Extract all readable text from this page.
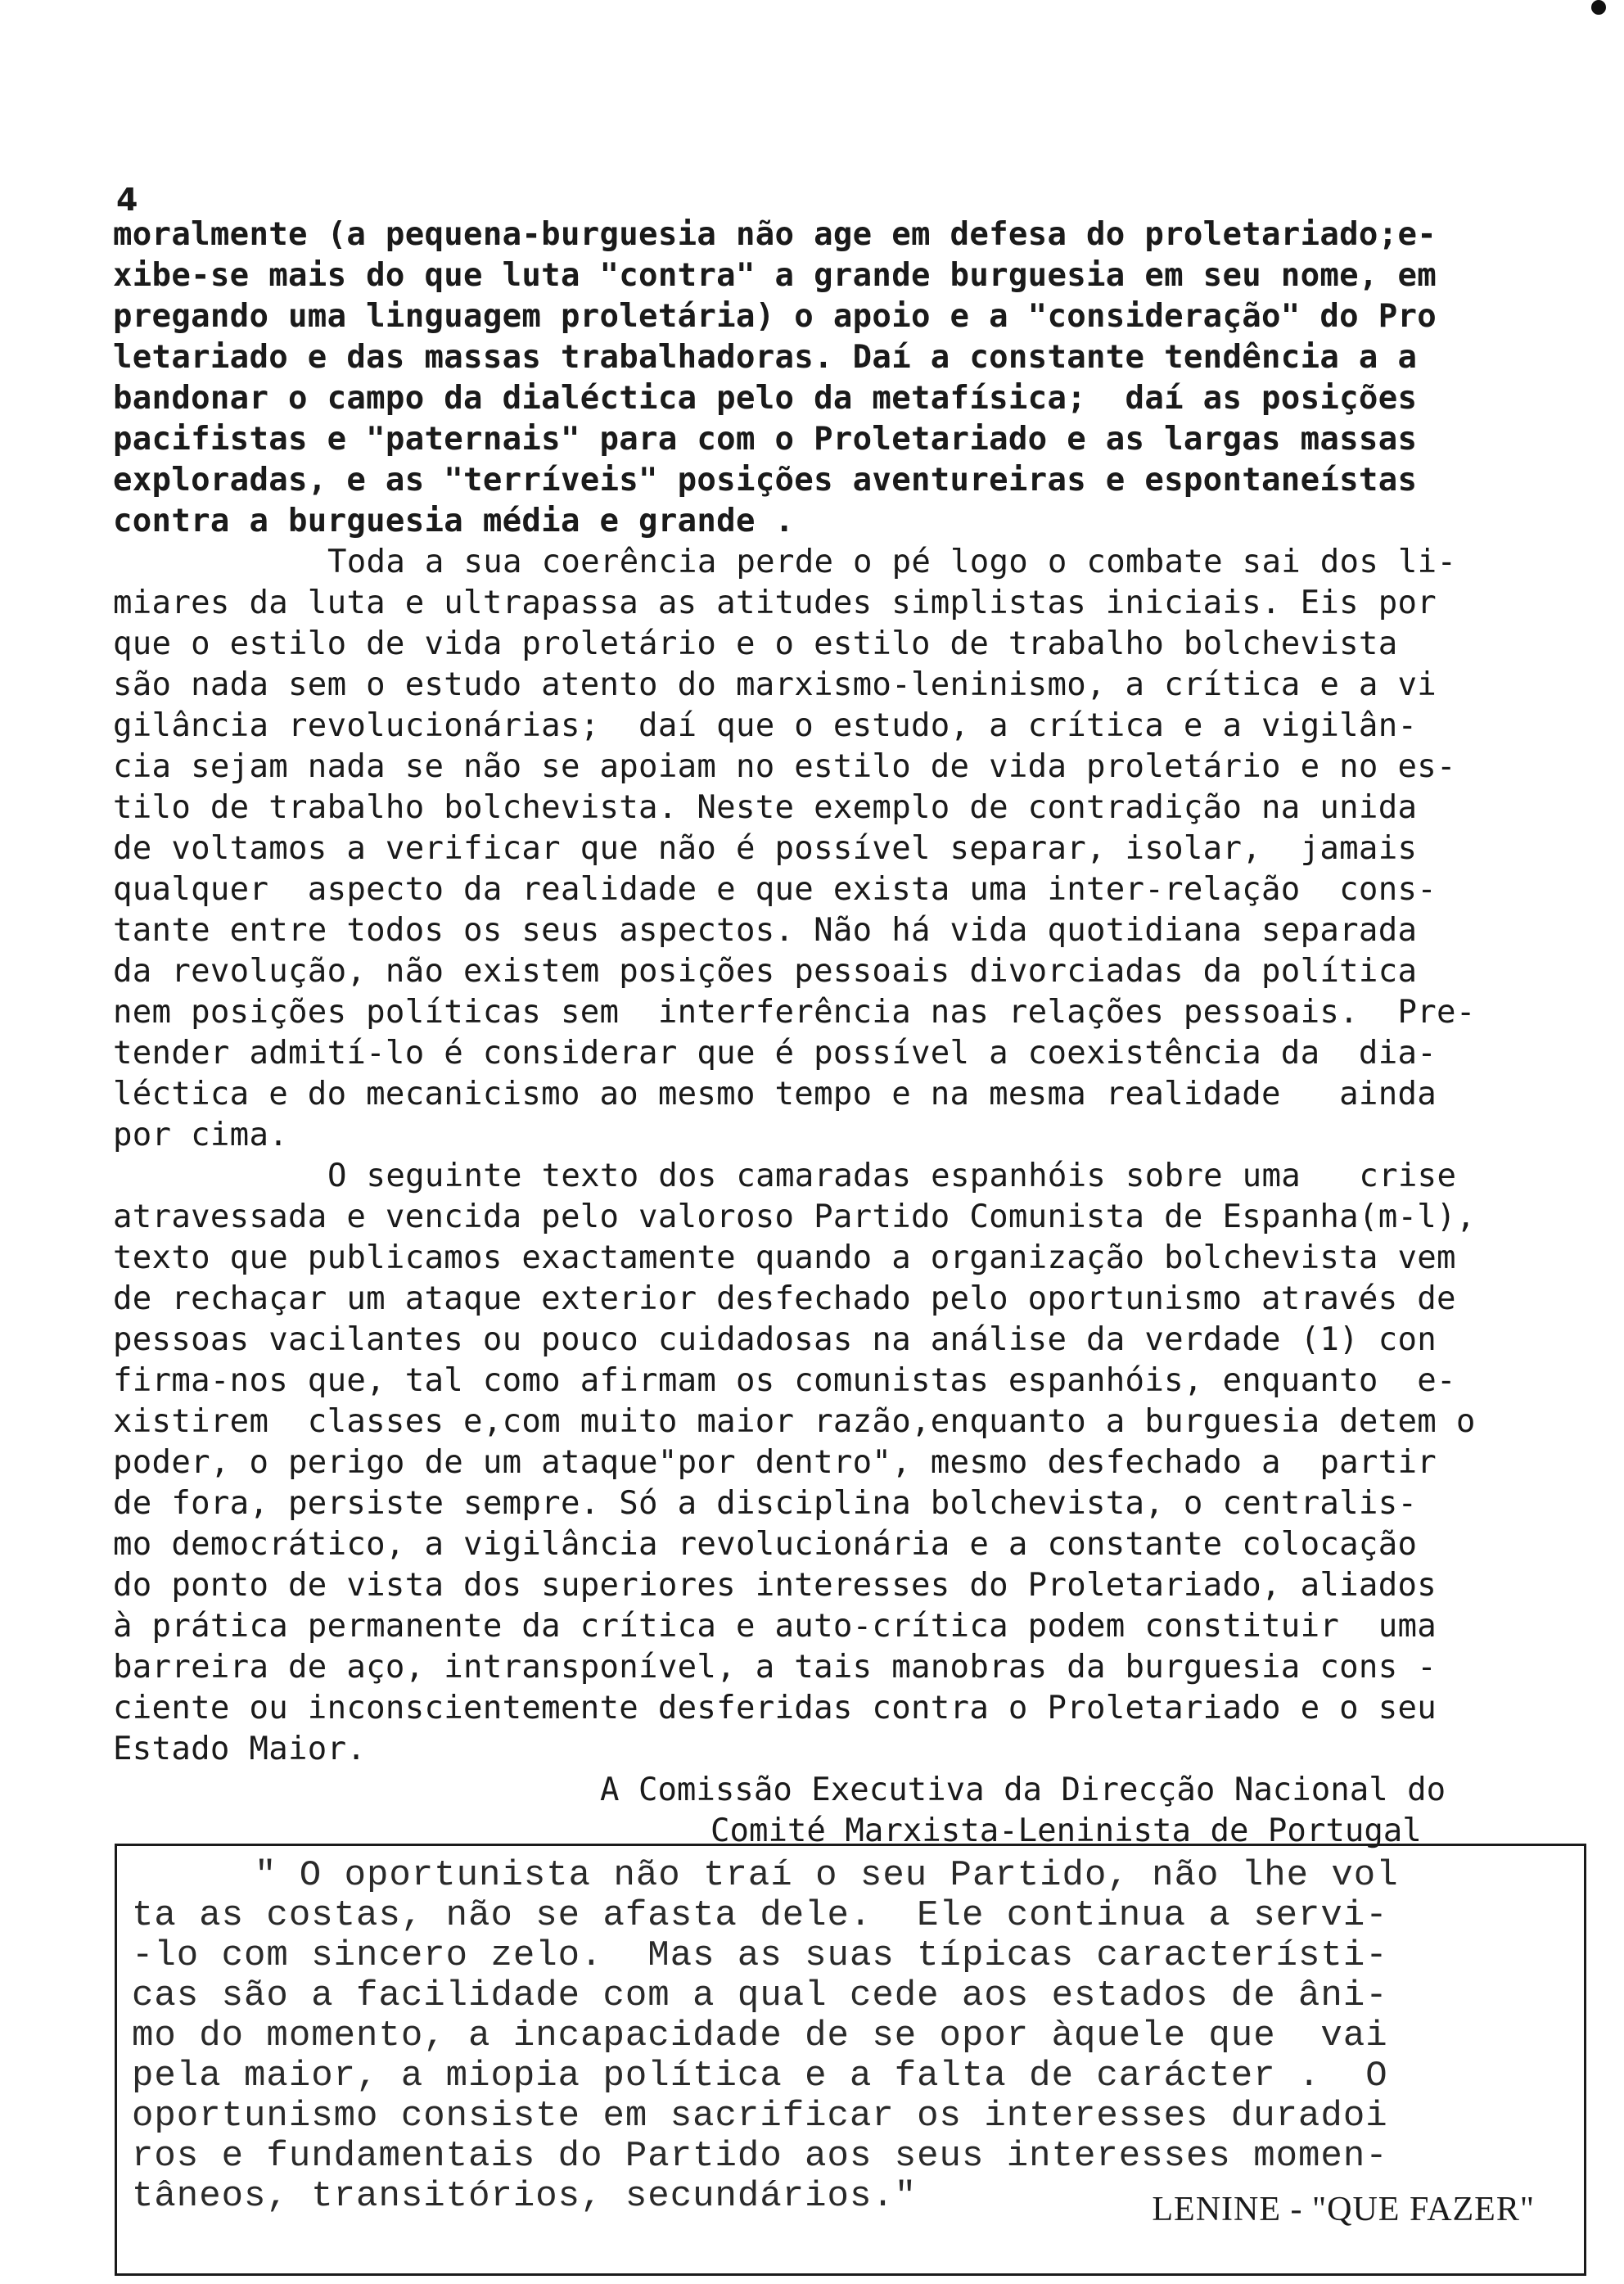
4
moralmente (a pequena-burguesia não age em defesa do proletariado;e-
xibe-se mais do que luta "contra" a grande burguesia em seu nome, em
pregando uma linguagem proletária) o apoio e a "consideração" do Pro
letariado e das massas trabalhadoras. Daí a constante tendência a a
bandonar o campo da dialéctica pelo da metafísica;  daí as posições
pacifistas e "paternais" para com o Proletariado e as largas massas
exploradas, e as "terríveis" posições aventureiras e espontaneístas
contra a burguesia média e grande .
Toda a sua coerência perde o pé logo o combate sai dos li-
miares da luta e ultrapassa as atitudes simplistas iniciais. Eis por
que o estilo de vida proletário e o estilo de trabalho bolchevista
são nada sem o estudo atento do marxismo-leninismo, a crítica e a vi
gilância revolucionárias;  daí que o estudo, a crítica e a vigilân-
cia sejam nada se não se apoiam no estilo de vida proletário e no es-
tilo de trabalho bolchevista. Neste exemplo de contradição na unida
de voltamos a verificar que não é possível separar, isolar,  jamais
qualquer  aspecto da realidade e que exista uma inter-relação  cons-
tante entre todos os seus aspectos. Não há vida quotidiana separada
da revolução, não existem posições pessoais divorciadas da política
nem posições políticas sem  interferência nas relações pessoais.  Pre-
tender admití-lo é considerar que é possível a coexistência da  dia-
léctica e do mecanicismo ao mesmo tempo e na mesma realidade   ainda
por cima.
O seguinte texto dos camaradas espanhóis sobre uma   crise
atravessada e vencida pelo valoroso Partido Comunista de Espanha(m-l),
texto que publicamos exactamente quando a organização bolchevista vem
de rechaçar um ataque exterior desfechado pelo oportunismo através de
pessoas vacilantes ou pouco cuidadosas na análise da verdade (1) con
firma-nos que, tal como afirmam os comunistas espanhóis, enquanto  e-
xistirem  classes e,com muito maior razão,enquanto a burguesia detem o
poder, o perigo de um ataque"por dentro", mesmo desfechado a  partir
de fora, persiste sempre. Só a disciplina bolchevista, o centralis-
mo democrático, a vigilância revolucionária e a constante colocação
do ponto de vista dos superiores interesses do Proletariado, aliados
à prática permanente da crítica e auto-crítica podem constituir  uma
barreira de aço, intransponível, a tais manobras da burguesia cons -
ciente ou inconscientemente desferidas contra o Proletariado e o seu
Estado Maior.
A Comissão Executiva da Direcção Nacional do
Comité Marxista-Leninista de Portugal
" O oportunista não traí o seu Partido, não lhe vol
ta as costas, não se afasta dele.  Ele continua a servi-
-lo com sincero zelo.  Mas as suas típicas característi-
cas são a facilidade com a qual cede aos estados de âni-
mo do momento, a incapacidade de se opor àquele que  vai
pela maior, a miopia política e a falta de carácter .  O
oportunismo consiste em sacrificar os interesses duradoi
ros e fundamentais do Partido aos seus interesses momen-
tâneos, transitórios, secundários."	LENINE - "QUE FAZER"
